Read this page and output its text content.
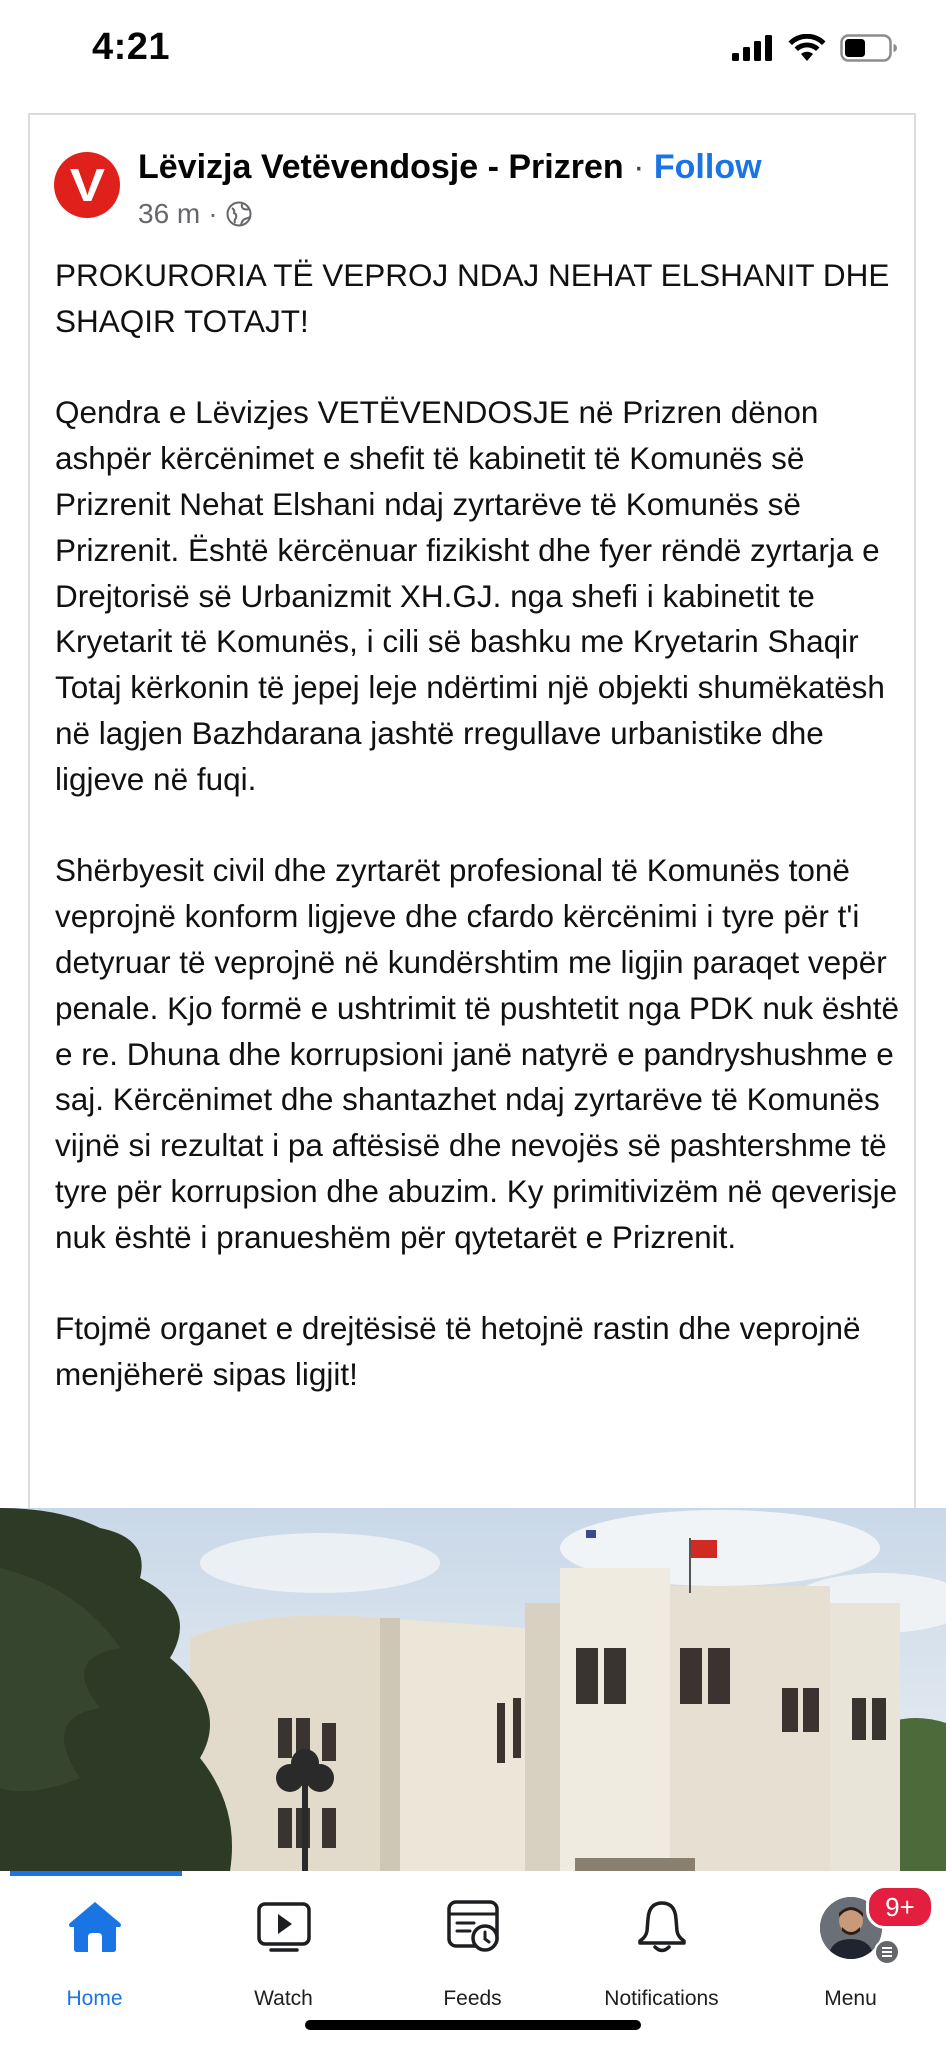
4:21
V Lëvizja Vetëvendosje - Prizren · Follow
36 m ·

PROKURORIA TË VEPROJ NDAJ NEHAT ELSHANIT DHE SHAQIR TOTAJT!

Qendra e Lëvizjes VETËVENDOSJE në Prizren dënon ashpër kërcënimet e shefit të kabinetit të Komunës së Prizrenit Nehat Elshani ndaj zyrtarëve të Komunës së Prizrenit. Është kërcënuar fizikisht dhe fyer rëndë zyrtarja e Drejtorisë së Urbanizmit XH.GJ. nga shefi i kabinetit te Kryetarit të Komunës, i cili së bashku me Kryetarin Shaqir Totaj kërkonin të jepej leje ndërtimi një objekti shumëkatësh në lagjen Bazhdarana jashtë rregullave urbanistike dhe ligjeve në fuqi.

Shërbyesit civil dhe zyrtarët profesional të Komunës tonë veprojnë konform ligjeve dhe cfardo kërcënimi i tyre për t'i detyruar të veprojnë në kundërshtim me ligjin paraqet vepër penale. Kjo formë e ushtrimit të pushtetit nga PDK nuk është e re. Dhuna dhe korrupsioni janë natyrë e pandryshushme e saj. Kërcënimet dhe shantazhet ndaj zyrtarëve të Komunës vijnë si rezultat i pa aftësisë dhe nevojës së pashtershme të tyre për korrupsion dhe abuzim. Ky primitivizëm në qeverisje nuk është i pranueshëm për qytetarët e Prizrenit.

Ftojmë organet e drejtësisë të hetojnë rastin dhe veprojnë menjëherë sipas ligjit!

Home	Watch	Feeds	Notifications
9+
Menu
